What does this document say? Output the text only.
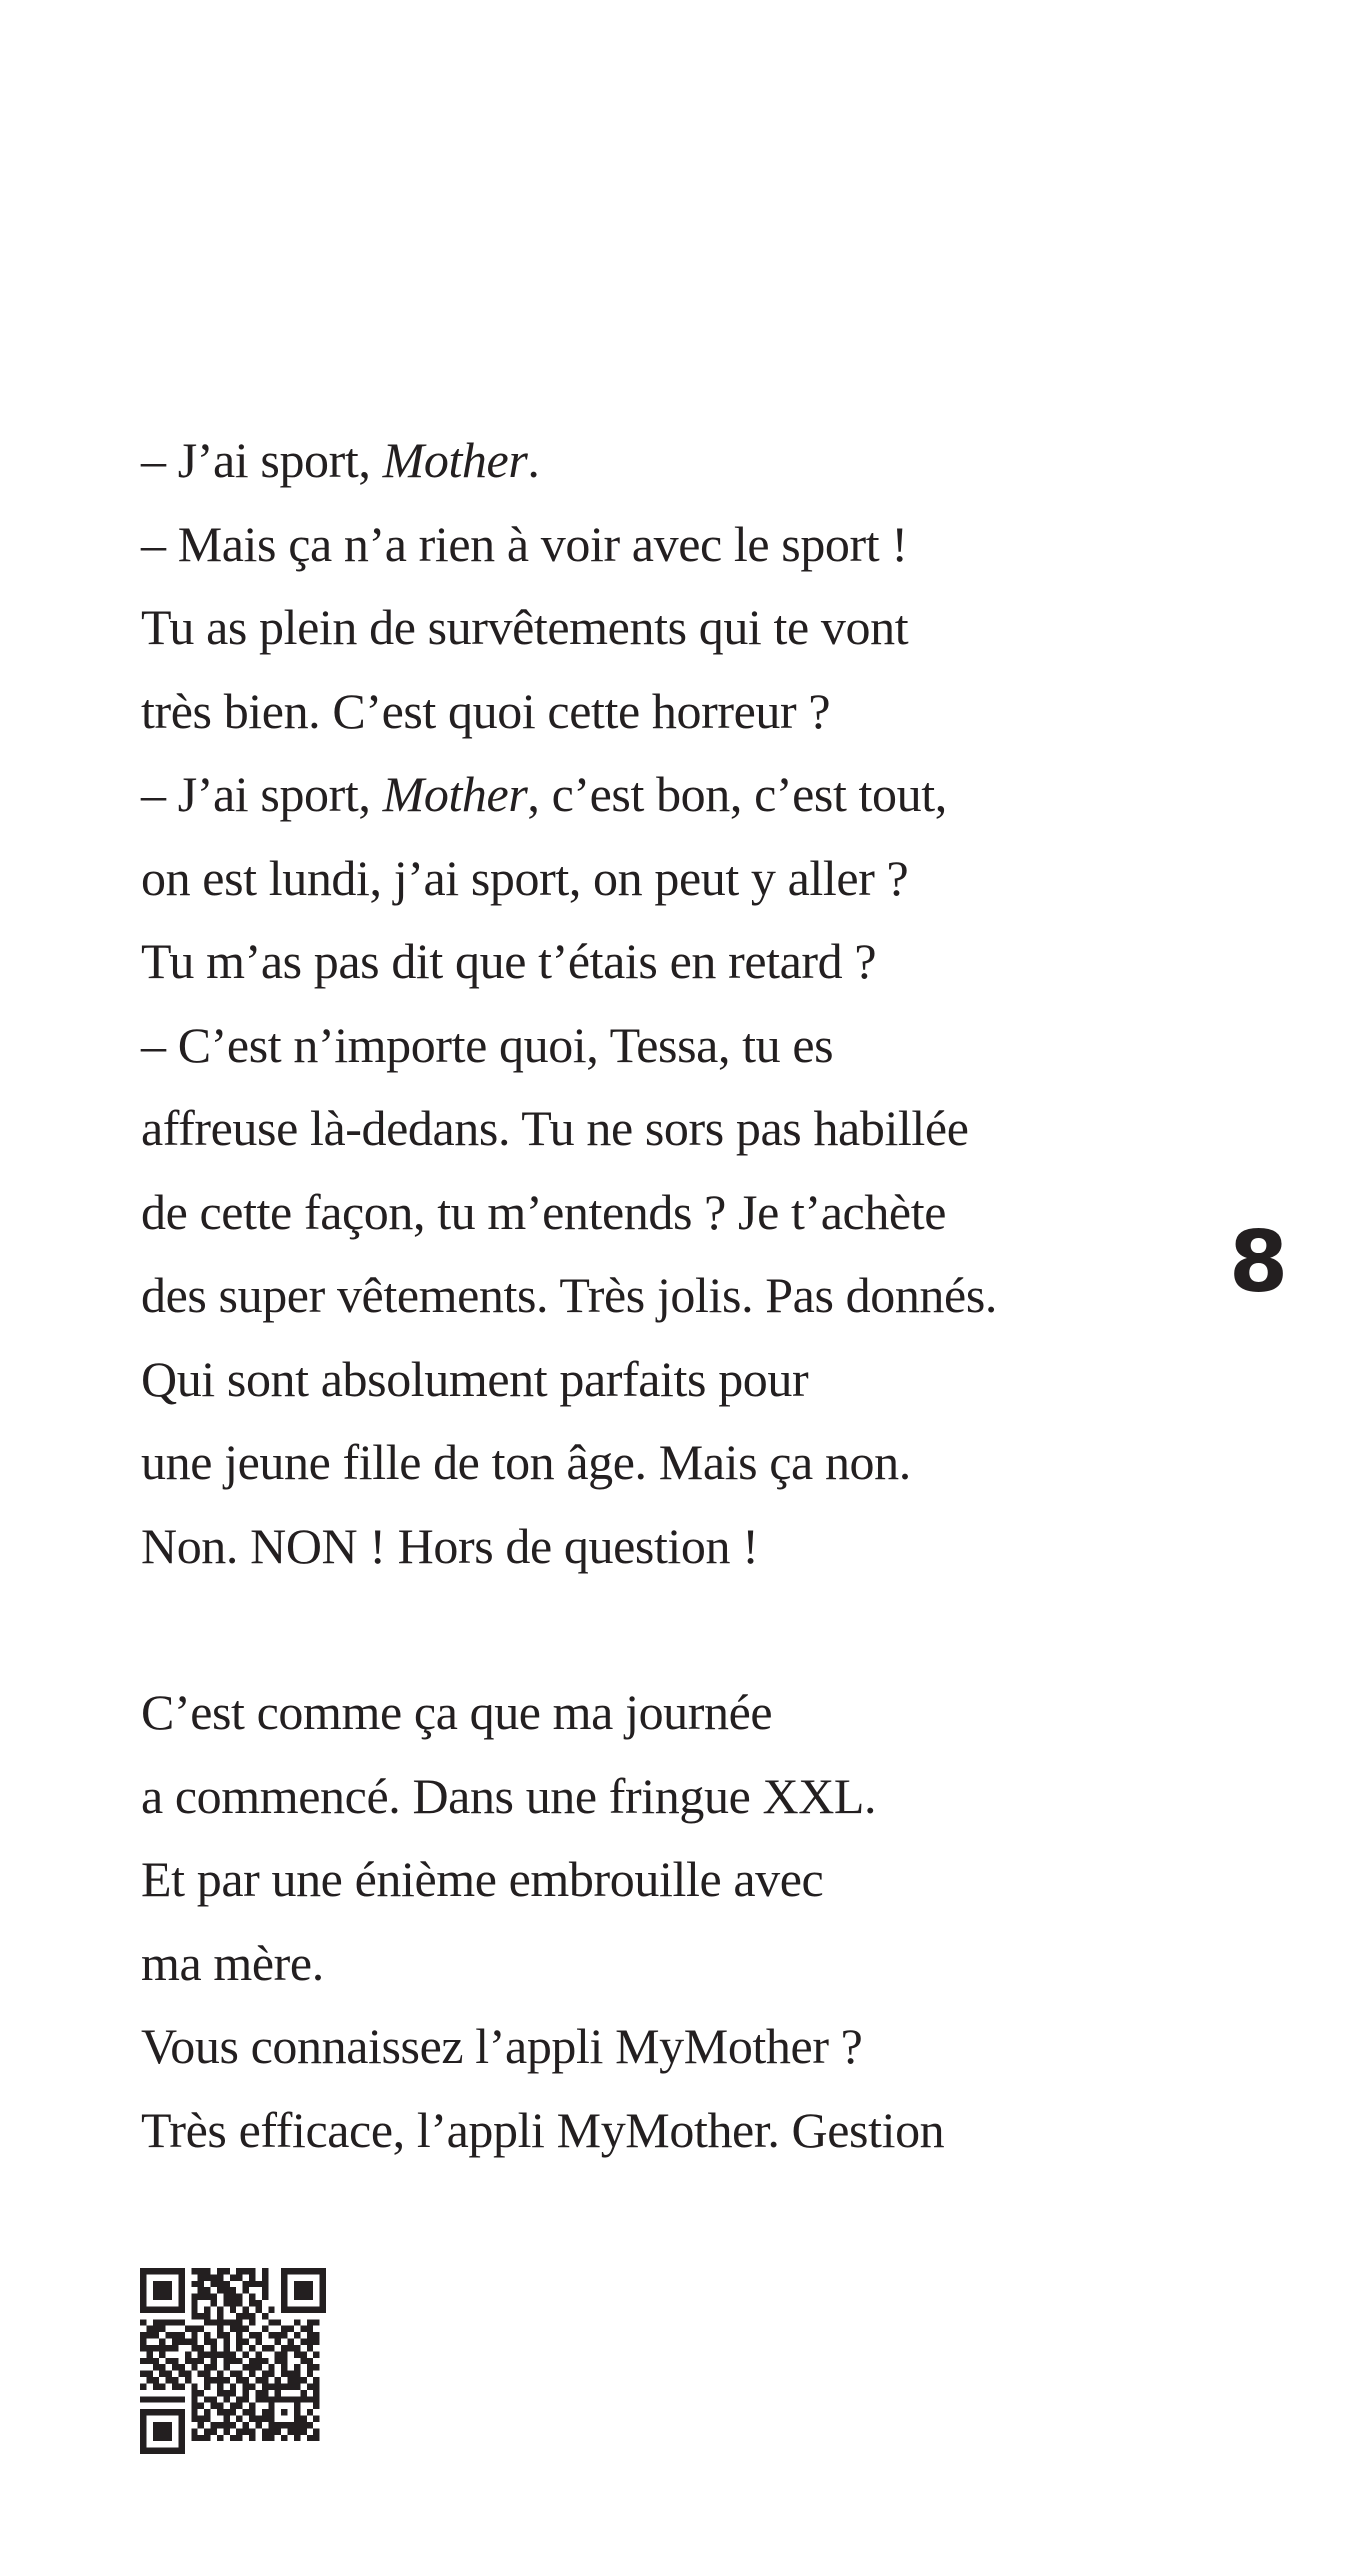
– J’ai sport, Mother.
– Mais ça n’a rien à voir avec le sport !
Tu as plein de survêtements qui te vont
très bien. C’est quoi cette horreur ?
– J’ai sport, Mother, c’est bon, c’est tout,
on est lundi, j’ai sport, on peut y aller ?
Tu m’as pas dit que t’étais en retard ?
– C’est n’importe quoi, Tessa, tu es
affreuse là-dedans. Tu ne sors pas habillée
de cette façon, tu m’entends ? Je t’achète
des super vêtements. Très jolis. Pas donnés.
Qui sont absolument parfaits pour
une jeune fille de ton âge. Mais ça non.
Non. NON ! Hors de question !
C’est comme ça que ma journée
a commencé. Dans une fringue XXL.
Et par une énième embrouille avec
ma mère.
Vous connaissez l’appli MyMother ?
Très efficace, l’appli MyMother. Gestion
8
